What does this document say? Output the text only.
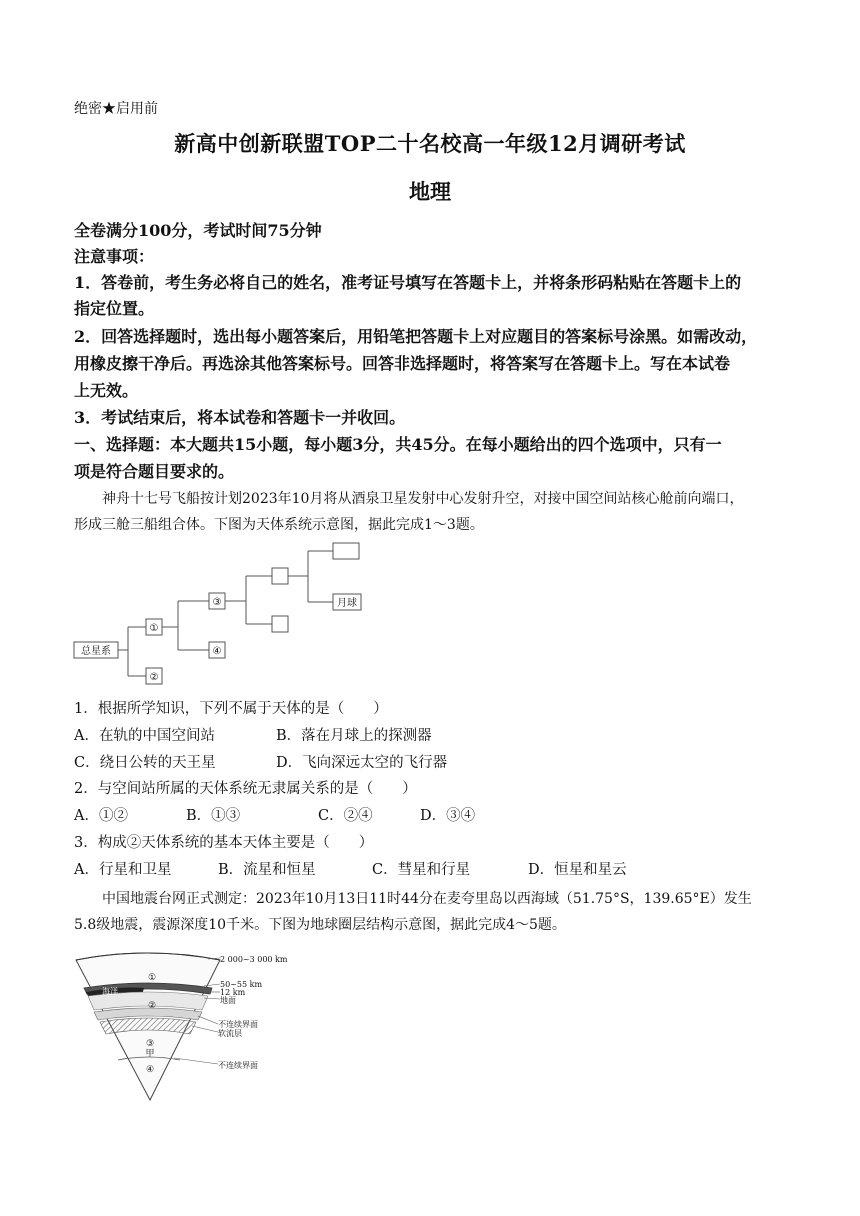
绝密★启用前
新高中创新联盟TOP二十名校高一年级12月调研考试
地理
全卷满分100分，考试时间75分钟
注意事项：
1．答卷前，考生务必将自己的姓名，准考证号填写在答题卡上，并将条形码粘贴在答题卡上的
指定位置。
2．回答选择题时，选出每小题答案后，用铅笔把答题卡上对应题目的答案标号涂黑。如需改动，
用橡皮擦干净后。再选涂其他答案标号。回答非选择题时，将答案写在答题卡上。写在本试卷
上无效。
3．考试结束后，将本试卷和答题卡一并收回。
一、选择题：本大题共15小题，每小题3分，共45分。在每小题给出的四个选项中，只有一
项是符合题目要求的。
神舟十七号飞船按计划2023年10月将从酒泉卫星发射中心发射升空，对接中国空间站核心舱前向端口，
形成三舱三船组合体。下图为天体系统示意图，据此完成1～3题。
总星系
①
②
③
④
月球
1．根据所学知识，下列不属于天体的是（　　）
A．在轨的中国空间站	B．落在月球上的探测器
C．绕日公转的天王星	D．飞向深远太空的飞行器
2．与空间站所属的天体系统无隶属关系的是（　　）
A．①②	B．①③	C．②④	D．③④
3．构成②天体系统的基本天体主要是（　　）
A．行星和卫星	B．流星和恒星	C．彗星和行星	D．恒星和星云
中国地震台网正式测定：2023年10月13日11时44分在麦夸里岛以西海域（51.75°S，139.65°E）发生
5.8级地震，震源深度10千米。下图为地球圈层结构示意图，据此完成4～5题。
2 000~3 000 km
50~55 km
12 km
地面
不连续界面
软流层
不连续界面
①
海洋
②
③
甲
④
